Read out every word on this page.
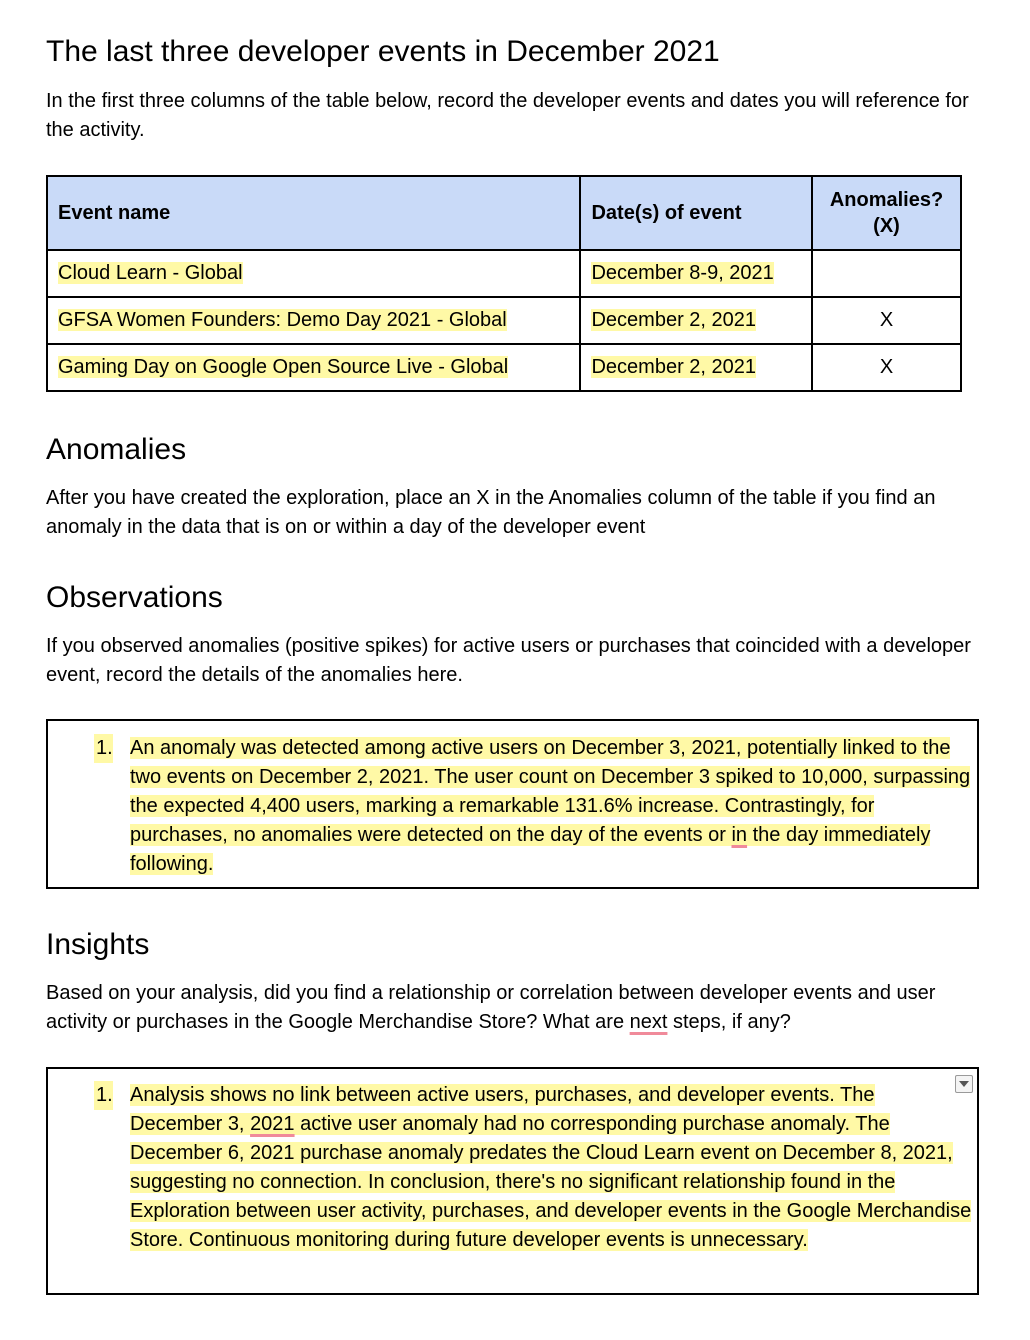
The last three developer events in December 2021

In the first three columns of the table below, record the developer events and dates you will reference for the activity.

Event name	Date(s) of event	Anomalies? (X)
Cloud Learn - Global	December 8-9, 2021	
GFSA Women Founders: Demo Day 2021 - Global	December 2, 2021	X
Gaming Day on Google Open Source Live - Global	December 2, 2021	X
Anomalies

After you have created the exploration, place an X in the Anomalies column of the table if you find an anomaly in the data that is on or within a day of the developer event

Observations

If you observed anomalies (positive spikes) for active users or purchases that coincided with a developer event, record the details of the anomalies here.

1. An anomaly was detected among active users on December 3, 2021, potentially linked to the two events on December 2, 2021. The user count on December 3 spiked to 10,000, surpassing the expected 4,400 users, marking a remarkable 131.6% increase. Contrastingly, for purchases, no anomalies were detected on the day of the events or in the day immediately following.
Insights

Based on your analysis, did you find a relationship or correlation between developer events and user activity or purchases in the Google Merchandise Store? What are next steps, if any?

1. Analysis shows no link between active users, purchases, and developer events. The December 3, 2021 active user anomaly had no corresponding purchase anomaly. The December 6, 2021 purchase anomaly predates the Cloud Learn event on December 8, 2021, suggesting no connection. In conclusion, there's no significant relationship found in the Exploration between user activity, purchases, and developer events in the Google Merchandise Store. Continuous monitoring during future developer events is unnecessary.
